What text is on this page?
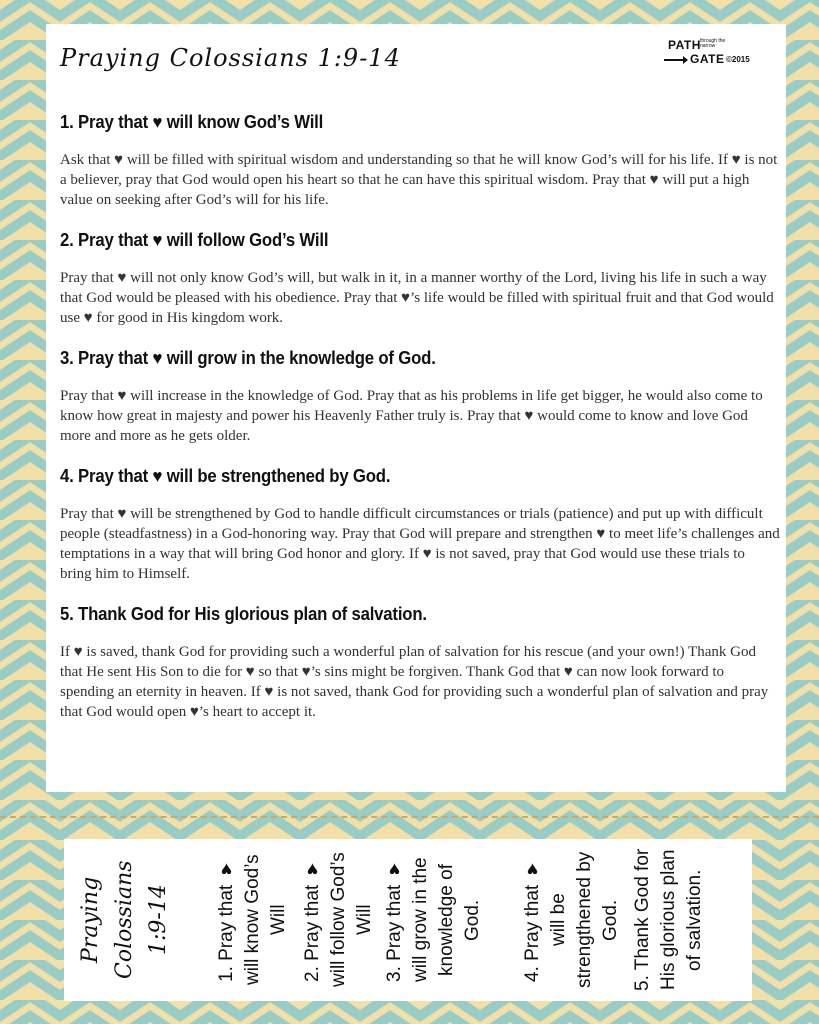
Praying Colossians 1:9-14	PATH through the narrow
GATE ©2015
1. Pray that ♥ will know God’s Will

Ask that ♥ will be filled with spiritual wisdom and understanding so that he will know God’s will for his life. If ♥ is not a believer, pray that God would open his heart so that he can have this spiritual wisdom. Pray that ♥ will put a high value on seeking after God’s will for his life.

2. Pray that ♥ will follow God’s Will

Pray that ♥ will not only know God’s will, but walk in it, in a manner worthy of the Lord, living his life in such a way that God would be pleased with his obedience. Pray that ♥’s life would be filled with spiritual fruit and that God would use ♥ for good in His kingdom work.

3. Pray that ♥ will grow in the knowledge of God.

Pray that ♥ will increase in the knowledge of God. Pray that as his problems in life get bigger, he would also come to know how great in majesty and power his Heavenly Father truly is. Pray that ♥ would come to know and love God more and more as he gets older.

4. Pray that ♥ will be strengthened by God.

Pray that ♥ will be strengthened by God to handle difficult circumstances or trials (patience) and put up with difficult people (steadfastness) in a God-honoring way. Pray that God will prepare and strengthen ♥ to meet life’s challenges and temptations in a way that will bring God honor and glory. If ♥ is not saved, pray that God would use these trials to bring him to Himself.

5. Thank God for His glorious plan of salvation.

If ♥ is saved, thank God for providing such a wonderful plan of salvation for his rescue (and your own!) Thank God that He sent His Son to die for ♥ so that ♥’s sins might be forgiven. Thank God that ♥ can now look forward to spending an eternity in heaven. If ♥ is not saved, thank God for providing such a wonderful plan of salvation and pray that God would open ♥’s heart to accept it.

Praying Colossians 1:9-14	1. Pray that ♥ will know God’s Will 2. Pray that ♥ will follow God’s Will 3. Pray that ♥ will grow in the knowledge of God.	4. Pray that ♥ will be strengthened by God. 5. Thank God for His glorious plan of salvation.
